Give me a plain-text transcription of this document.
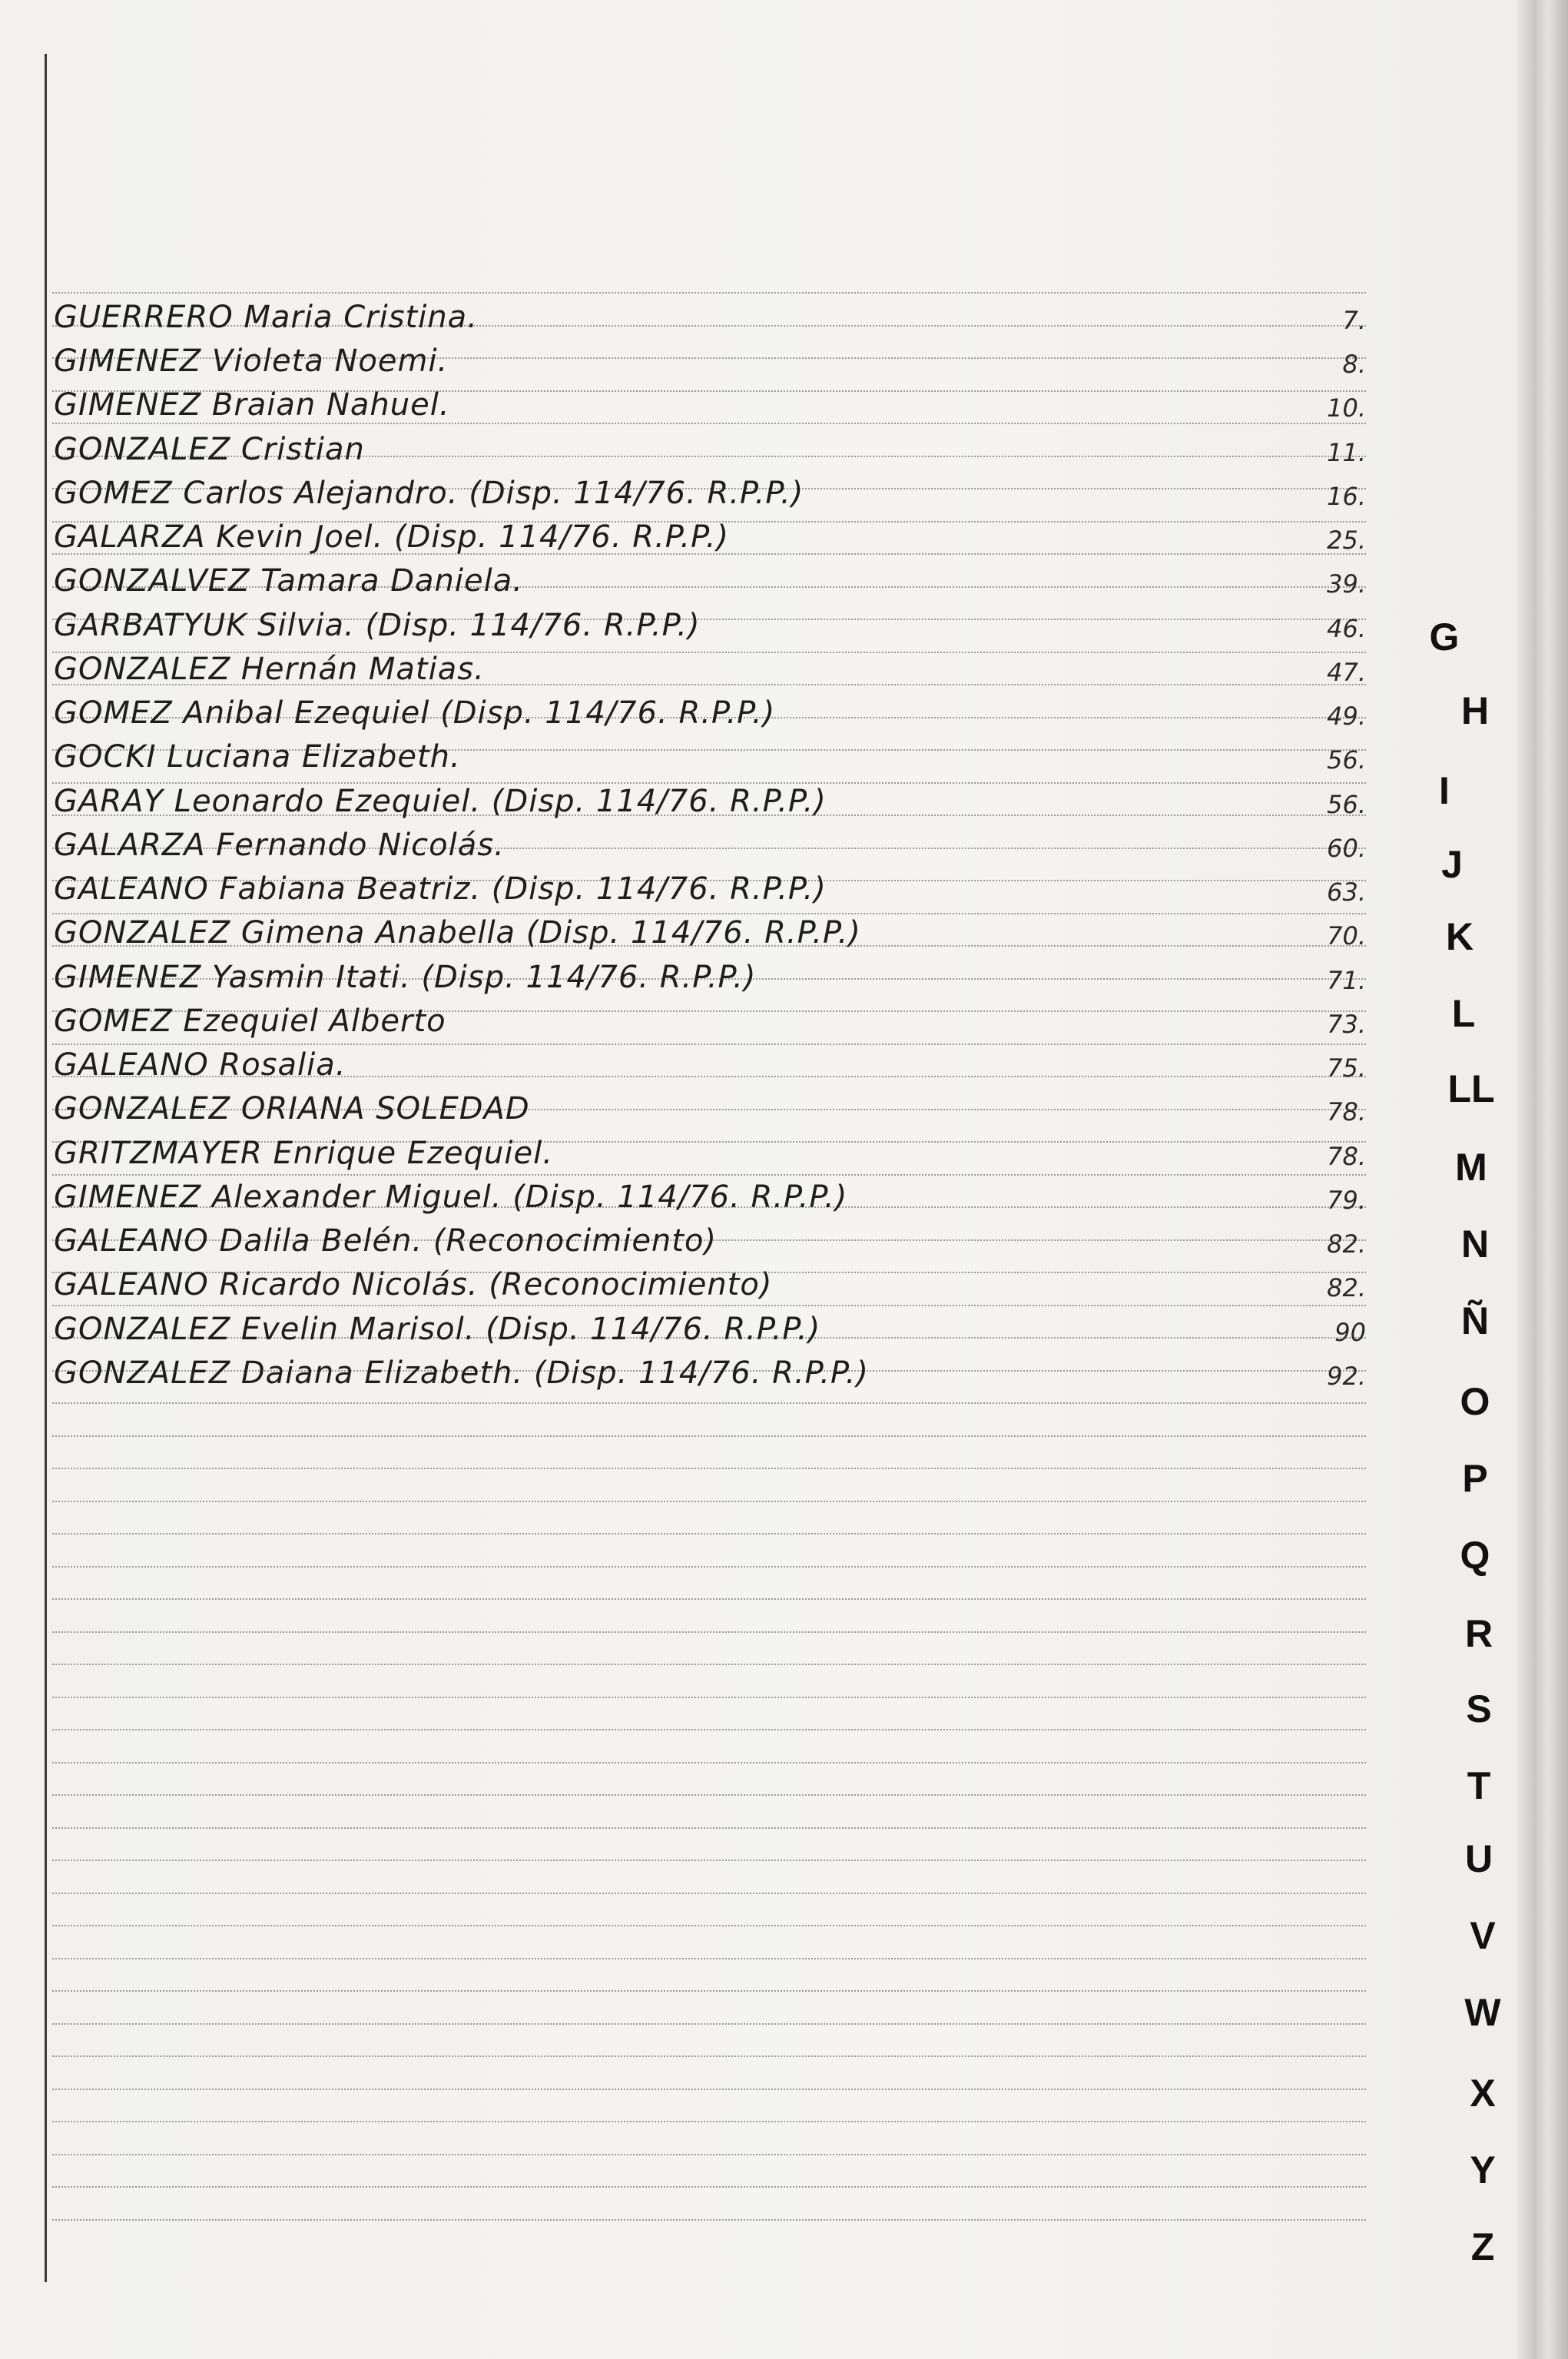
GUERRERO Maria Cristina.	7.
GIMENEZ Violeta Noemi.	8.
GIMENEZ Braian Nahuel.	10.
GONZALEZ Cristian	11.
GOMEZ Carlos Alejandro. (Disp. 114/76. R.P.P.)	16.
GALARZA Kevin Joel. (Disp. 114/76. R.P.P.)	25.
GONZALVEZ Tamara Daniela.	39.
GARBATYUK Silvia. (Disp. 114/76. R.P.P.)	46.
GONZALEZ Hernán Matias.	47.
GOMEZ Anibal Ezequiel (Disp. 114/76. R.P.P.)	49.
GOCKI Luciana Elizabeth.	56.
GARAY Leonardo Ezequiel. (Disp. 114/76. R.P.P.)	56.
GALARZA Fernando Nicolás.	60.
GALEANO Fabiana Beatriz. (Disp. 114/76. R.P.P.)	63.
GONZALEZ Gimena Anabella (Disp. 114/76. R.P.P.)	70.
GIMENEZ Yasmin Itati. (Disp. 114/76. R.P.P.)	71.
GOMEZ Ezequiel Alberto	73.
GALEANO Rosalia.	75.
GONZALEZ ORIANA SOLEDAD	78.
GRITZMAYER Enrique Ezequiel.	78.
GIMENEZ Alexander Miguel. (Disp. 114/76. R.P.P.)	79.
GALEANO Dalila Belén. (Reconocimiento)	82.
GALEANO Ricardo Nicolás. (Reconocimiento)	82.
GONZALEZ Evelin Marisol. (Disp. 114/76. R.P.P.)	90
GONZALEZ Daiana Elizabeth. (Disp. 114/76. R.P.P.)	92.
G
H
I
J
K
L
LL
M
N
Ñ
O
P
Q
R
S
T
U
V
W
X
Y
Z
